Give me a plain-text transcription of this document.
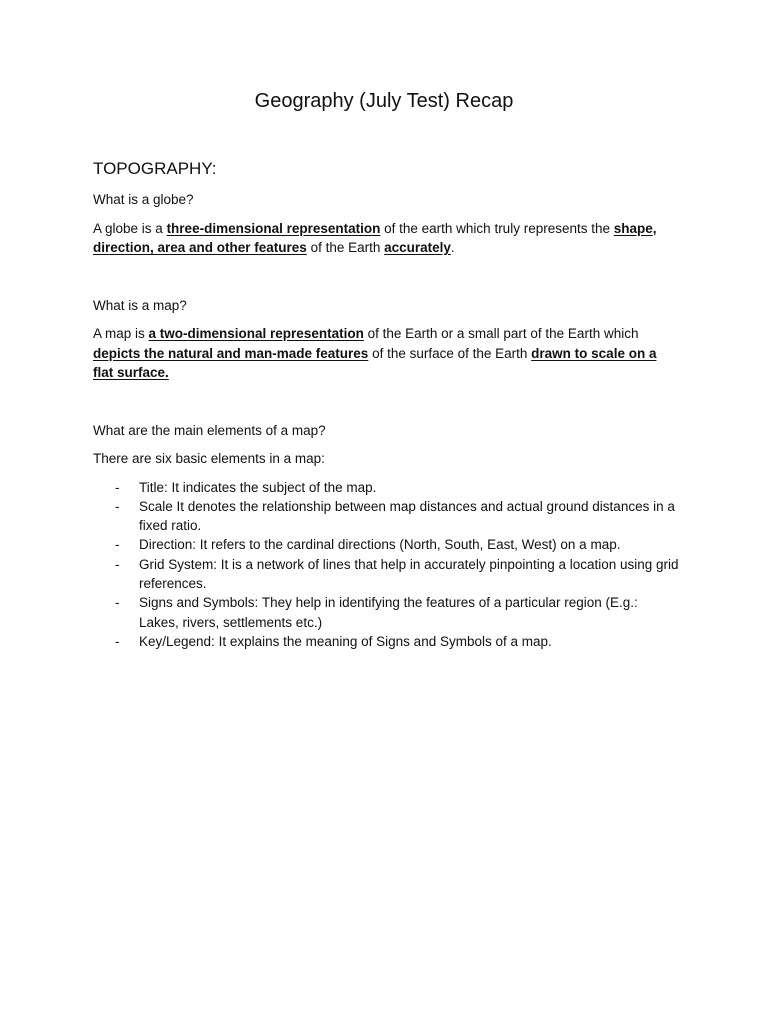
Geography (July Test) Recap
TOPOGRAPHY:

What is a globe?

A globe is a three-dimensional representation of the earth which truly represents the shape, direction, area and other features of the Earth accurately.

What is a map?

A map is a two-dimensional representation of the Earth or a small part of the Earth which depicts the natural and man-made features of the surface of the Earth drawn to scale on a flat surface.

What are the main elements of a map?

There are six basic elements in a map:

- Title: It indicates the subject of the map.
- Scale It denotes the relationship between map distances and actual ground distances in a fixed ratio.
- Direction: It refers to the cardinal directions (North, South, East, West) on a map.
- Grid System: It is a network of lines that help in accurately pinpointing a location using grid references.
- Signs and Symbols: They help in identifying the features of a particular region (E.g.: Lakes, rivers, settlements etc.)
- Key/Legend: It explains the meaning of Signs and Symbols of a map.
